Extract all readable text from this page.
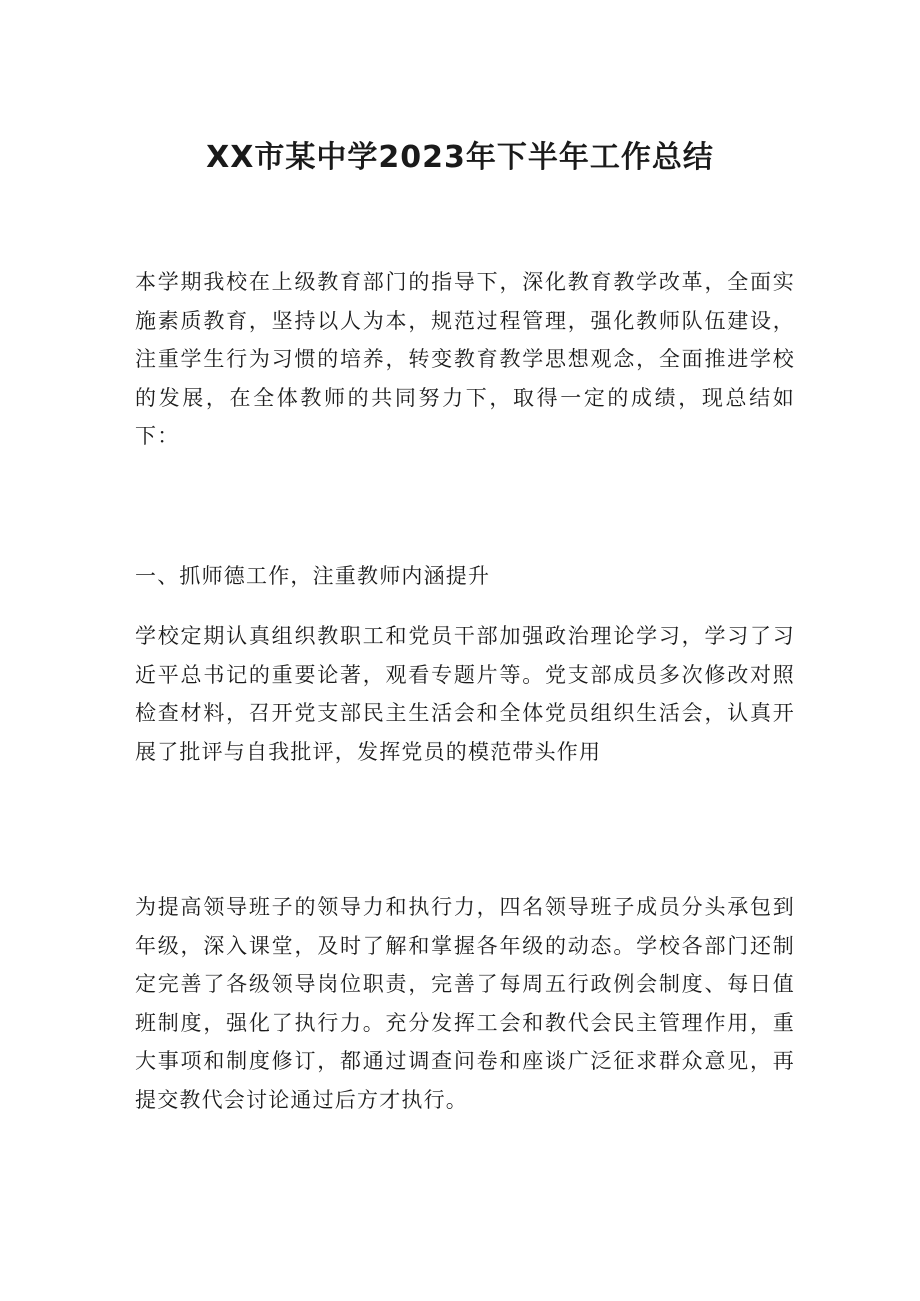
XX市某中学2023年下半年工作总结

本学期我校在上级教育部门的指导下，深化教育教学改革，全面实施素质教育，坚持以人为本，规范过程管理，强化教师队伍建设，注重学生行为习惯的培养，转变教育教学思想观念，全面推进学校的发展，在全体教师的共同努力下，取得一定的成绩，现总结如下：

一、抓师德工作，注重教师内涵提升

学校定期认真组织教职工和党员干部加强政治理论学习，学习了习近平总书记的重要论著，观看专题片等。党支部成员多次修改对照检查材料，召开党支部民主生活会和全体党员组织生活会，认真开展了批评与自我批评，发挥党员的模范带头作用

为提高领导班子的领导力和执行力，四名领导班子成员分头承包到年级，深入课堂，及时了解和掌握各年级的动态。学校各部门还制定完善了各级领导岗位职责，完善了每周五行政例会制度、每日值班制度，强化了执行力。充分发挥工会和教代会民主管理作用，重大事项和制度修订，都通过调查问卷和座谈广泛征求群众意见，再提交教代会讨论通过后方才执行。
